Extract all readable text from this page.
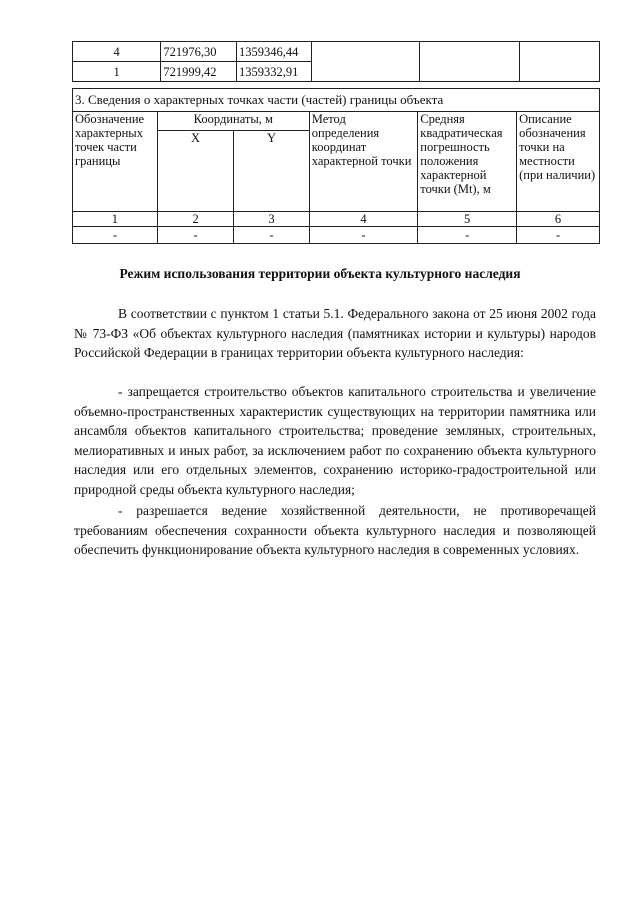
4	721976,30	1359346,44			
1	721999,42	1359332,91			
3. Сведения о характерных точках части (частей) границы объекта					
Обозначение характерных точек части границы	Координаты, м		Метод определения координат характерной точки	Средняя квадратическая погрешность положения характерной точки (Mt), м	Описание обозначения точки на местности (при наличии)
	X	Y			
1	2	3	4	5	6
-	-	-	-	-	-
Режим использования территории объекта культурного наследия
В соответствии с пунктом 1 статьи 5.1. Федерального закона от 25 июня 2002 года № 73-ФЗ «Об объектах культурного наследия (памятниках истории и культуры) народов Российской Федерации в границах территории объекта культурного наследия:
- запрещается строительство объектов капитального строительства и увеличение объемно-пространственных характеристик существующих на территории памятника или ансамбля объектов капитального строительства; проведение земляных, строительных, мелиоративных и иных работ, за исключением работ по сохранению объекта культурного наследия или его отдельных элементов, сохранению историко-градостроительной или природной среды объекта культурного наследия;
- разрешается ведение хозяйственной деятельности, не противоречащей требованиям обеспечения сохранности объекта культурного наследия и позволяющей обеспечить функционирование объекта культурного наследия в современных условиях.
